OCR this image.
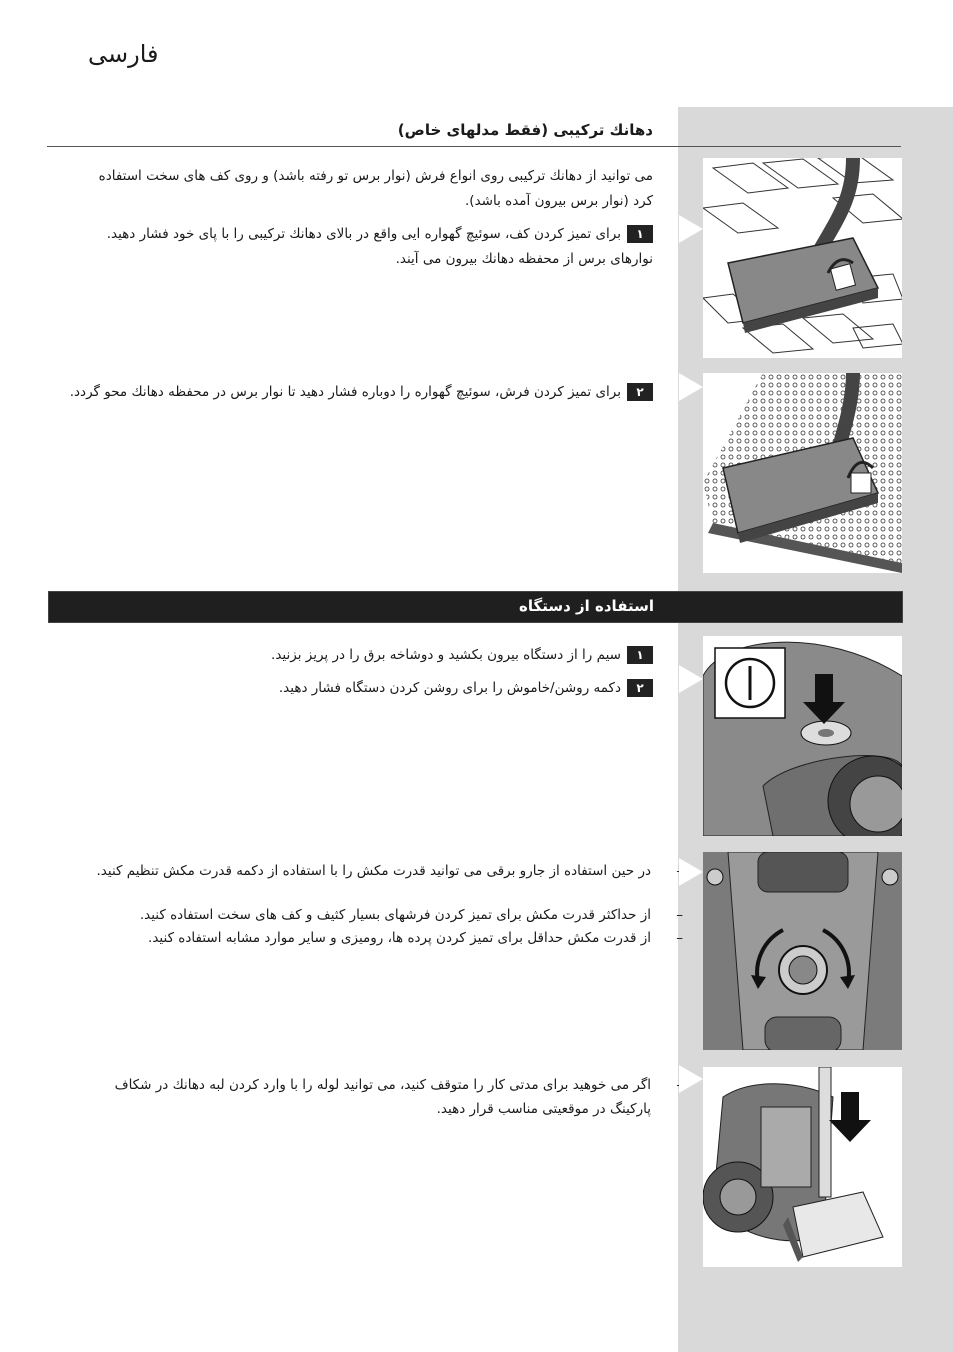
فارسی
دهانك تركيبی (فقط مدلهای خاص)
می توانيد از دهانك تركيبی روی انواع فرش (نوار برس تو رفته باشد) و روی كف های سخت استفاده كرد (نوار برس بيرون آمده باشد).
۱برای تميز كردن كف، سوئيچ گهواره ايی واقع در بالای دهانك تركيبی را با پای خود فشار دهيد. نوارهای برس از محفظه دهانك بيرون می آيند.
۲برای تميز كردن فرش، سوئيچ گهواره را دوباره فشار دهيد تا نوار برس در محفظه دهانك محو گردد.
استفاده از دستگاه
۱سيم را از دستگاه بيرون بكشيد و دوشاخه برق را در پريز بزنيد.
۲دكمه روشن/خاموش را برای روشن كردن دستگاه فشار دهيد.
–
در حين استفاده از جارو برقی می توانيد قدرت مكش را با استفاده از دكمه قدرت مكش تنظيم كنيد.
–
از حداكثر قدرت مكش برای تميز كردن فرشهای بسيار كثيف و كف های سخت استفاده كنيد.
–
از قدرت مكش حداقل برای تميز كردن پرده ها، روميزی و ساير موارد مشابه استفاده كنيد.
–
اگر می خوهيد برای مدتی كار را متوقف كنيد، می توانيد لوله را با وارد كردن لبه دهانك در شكاف پاركينگ در موقعيتی مناسب قرار دهيد.
